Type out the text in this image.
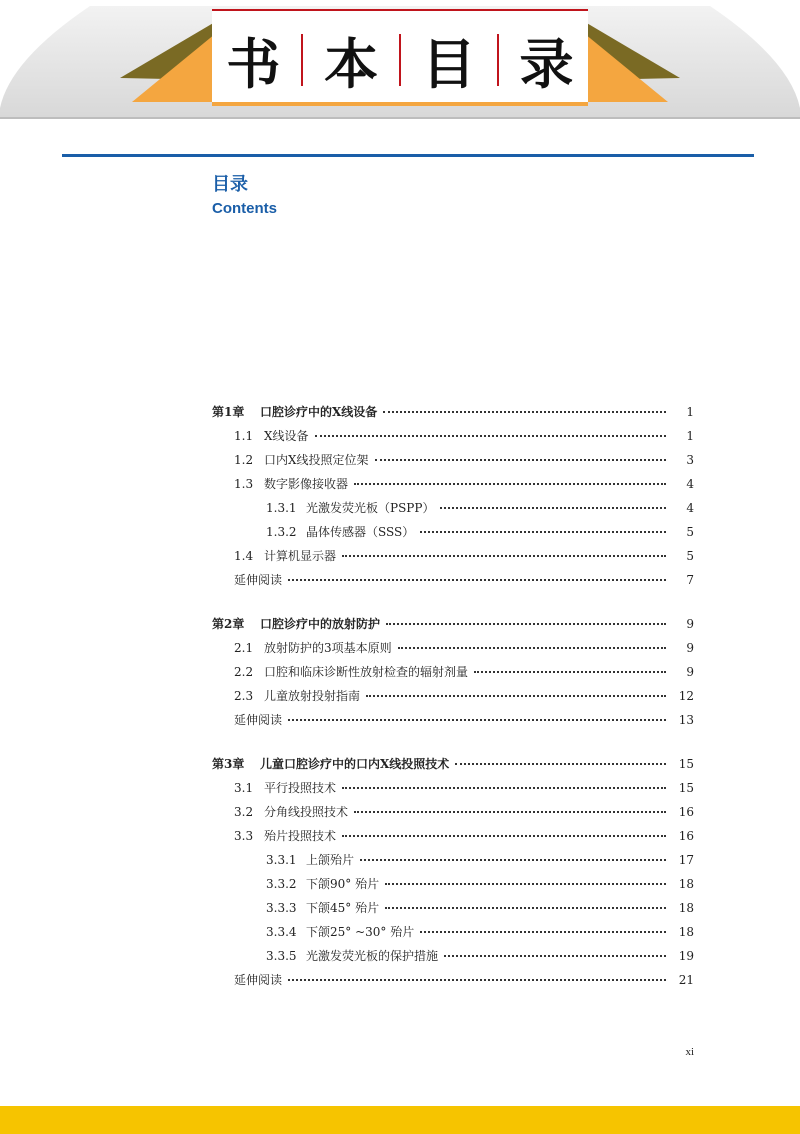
书 本 目 录
目录
Contents
第1章	口腔诊疗中的X线设备	1
1.1 X线设备	1
1.2 口内X线投照定位架	3
1.3 数字影像接收器	4
1.3.1 光激发荧光板（PSPP）	4
1.3.2 晶体传感器（SSS）	5
1.4 计算机显示器	5
延伸阅读	7
第2章	口腔诊疗中的放射防护	9
2.1 放射防护的3项基本原则	9
2.2 口腔和临床诊断性放射检查的辐射剂量	9
2.3 儿童放射投射指南	12
延伸阅读	13
第3章	儿童口腔诊疗中的口内X线投照技术	15
3.1 平行投照技术	15
3.2 分角线投照技术	16
3.3 殆片投照技术	16
3.3.1 上颌殆片	17
3.3.2 下颌90° 殆片	18
3.3.3 下颌45° 殆片	18
3.3.4 下颌25° ~30° 殆片	18
3.3.5 光激发荧光板的保护措施	19
延伸阅读	21
xi
